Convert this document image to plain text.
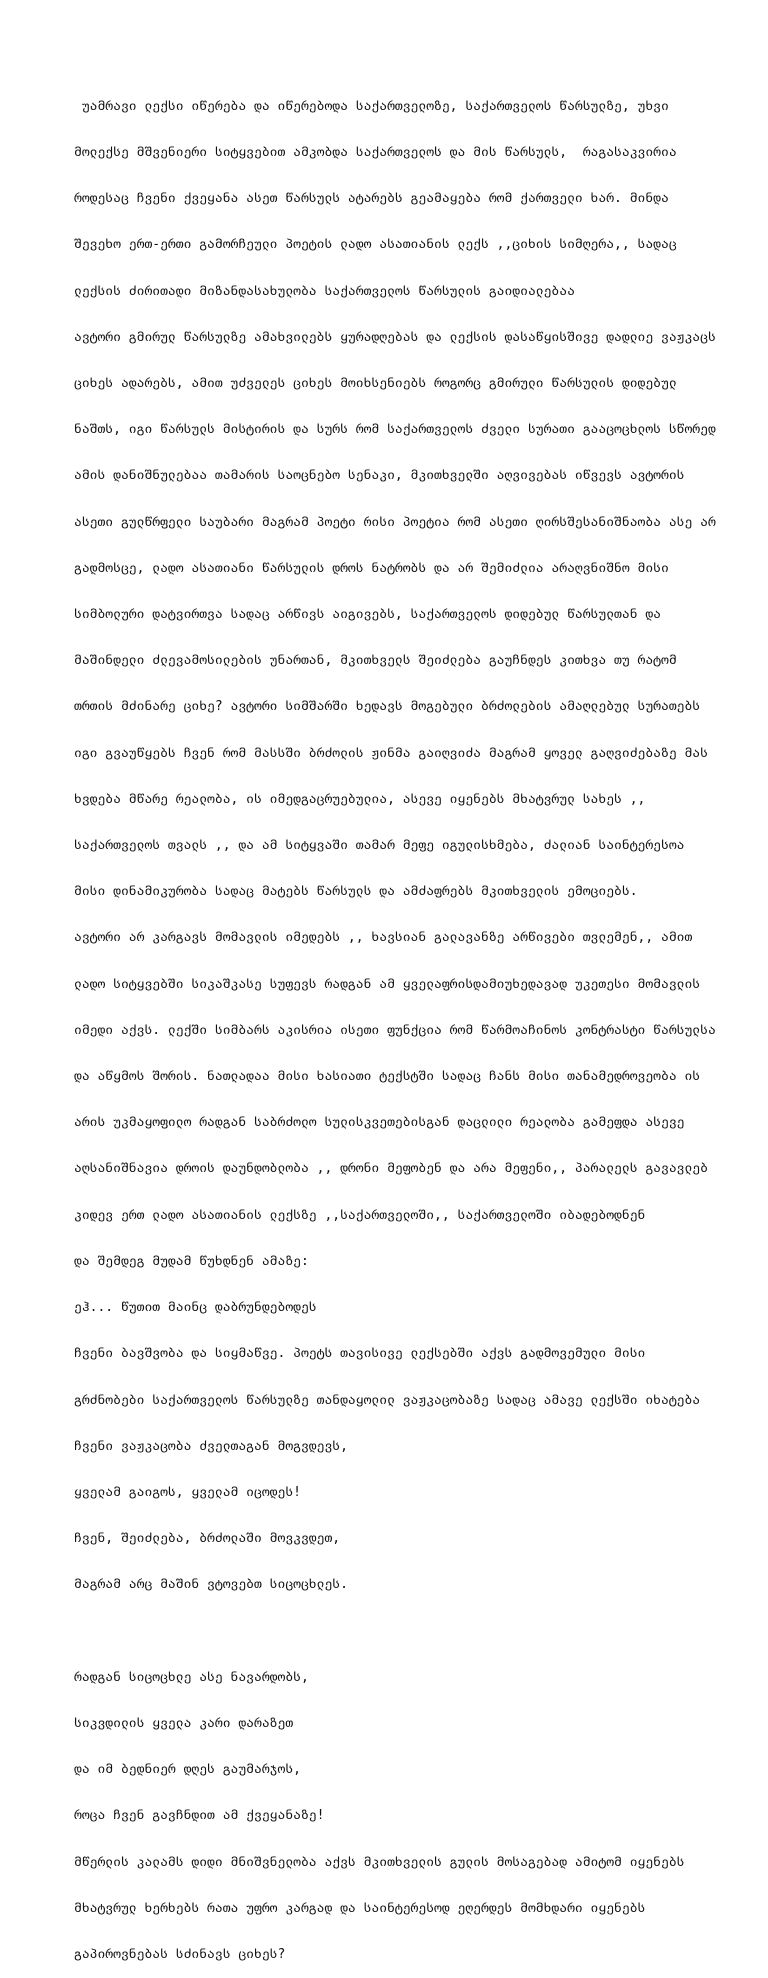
უამრავი ლექსი იწერება და იწერებოდა საქართველოზე, საქართველოს წარსულზე, უხვი

მოლექსე მშვენიერი სიტყვებით ამკობდა საქართველოს და მის წარსულს,  რაგასაკვირია

როდესაც ჩვენი ქვეყანა ასეთ წარსულს ატარებს გეამაყება რომ ქართველი ხარ. მინდა

შევეხო ერთ-ერთი გამორჩეული პოეტის ლადო ასათიანის ლექს ,,ციხის სიმღერა,, სადაც

ლექსის ძირითადი მიზანდასახულობა საქართველოს წარსულის გაიდიალებაა

ავტორი გმირულ წარსულზე ამახვილებს ყურადღებას და ლექსის დასაწყისშივე დადლიე ვაჟკაცს

ციხეს ადარებს, ამით უძველეს ციხეს მოიხსენიებს როგორც გმირული წარსულის დიდებულ

ნაშთს, იგი წარსულს მისტირის და სურს რომ საქართველოს ძველი სურათი გააცოცხლოს სწორედ

ამის დანიშნულებაა თამარის საოცნებო სენაკი, მკითხველში აღვივებას იწვევს ავტორის

ასეთი გულწრფელი საუბარი მაგრამ პოეტი რისი პოეტია რომ ასეთი ღირსშესანიშნაობა ასე არ

გადმოსცე, ლადო ასათიანი წარსულის დროს ნატრობს და არ შემიძლია არაღვნიშნო მისი

სიმბოლური დატვირთვა სადაც არწივს აიგივებს, საქართველოს დიდებულ წარსულთან და

მაშინდელი ძლევამოსილების უნართან, მკითხველს შეიძლება გაუჩნდეს კითხვა თუ რატომ

თრთის მძინარე ციხე? ავტორი სიმშარში ხედავს მოგებული ბრძოლების ამაღლებულ სურათებს

იგი გვაუწყებს ჩვენ რომ მასსში ბრძოლის ჟინმა გაიღვიძა მაგრამ ყოველ გაღვიძებაზე მას

ხვდება მწარე რეალობა, ის იმედგაცრუებულია, ასევე იყენებს მხატვრულ სახეს ,,

საქართველოს თვალს ,, და ამ სიტყვაში თამარ მეფე იგულისხმება, ძალიან საინტერესოა

მისი დინამიკურობა სადაც მატებს წარსულს და ამძაფრებს მკითხველის ემოციებს.

ავტორი არ კარგავს მომავლის იმედებს ,, ხავსიან გალავანზე არწივები თვლემენ,, ამით

ლადო სიტყვებში სიკაშკასე სუფევს რადგან ამ ყველაფრისდამიუხედავად უკეთესი მომავლის

იმედი აქვს. ლექში სიმბარს აკისრია ისეთი ფუნქცია რომ წარმოაჩინოს კონტრასტი წარსულსა

და აწყმოს შორის. ნათლადაა მისი ხასიათი ტექსტში სადაც ჩანს მისი თანამედროვეობა ის

არის უკმაყოფილო რადგან საბრძოლო სულისკვეთებისგან დაცლილი რეალობა გამეფდა ასევე

აღსანიშნავია დროის დაუნდობლობა ,, დრონი მეფობენ და არა მეფენი,, პარალელს გავავლებ

კიდევ ერთ ლადო ასათიანის ლექსზე ,,საქართველოში,, საქართველოში იბადებოდნენ

და შემდეგ მუდამ წუხდნენ ამაზე:

ეჰ... წუთით მაინც დაბრუნდებოდეს

ჩვენი ბავშვობა და სიყმაწვე. პოეტს თავისივე ლექსებში აქვს გადმოვემული მისი

გრძნობები საქართველოს წარსულზე თანდაყოლილ ვაჟკაცობაზე სადაც ამავე ლექსში იხატება

ჩვენი ვაჟკაცობა ძველთაგან მოგვდევს,

ყველამ გაიგოს, ყველამ იცოდეს!

ჩვენ, შეიძლება, ბრძოლაში მოვკვდეთ,

მაგრამ არც მაშინ ვტოვებთ სიცოცხლეს.

რადგან სიცოცხლე ასე ნავარდობს,

სიკვდილის ყველა კარი დარაზეთ

და იმ ბედნიერ დღეს გაუმარჯოს,

როცა ჩვენ გავჩნდით ამ ქვეყანაზე!

მწერლის კალამს დიდი მნიშვნელობა აქვს მკითხველის გულის მოსაგებად ამიტომ იყენებს

მხატვრულ ხერხებს რათა უფრო კარგად და საინტერესოდ ეღერდეს მომხდარი იყენებს

გაპიროვნებას სძინავს ციხეს?
